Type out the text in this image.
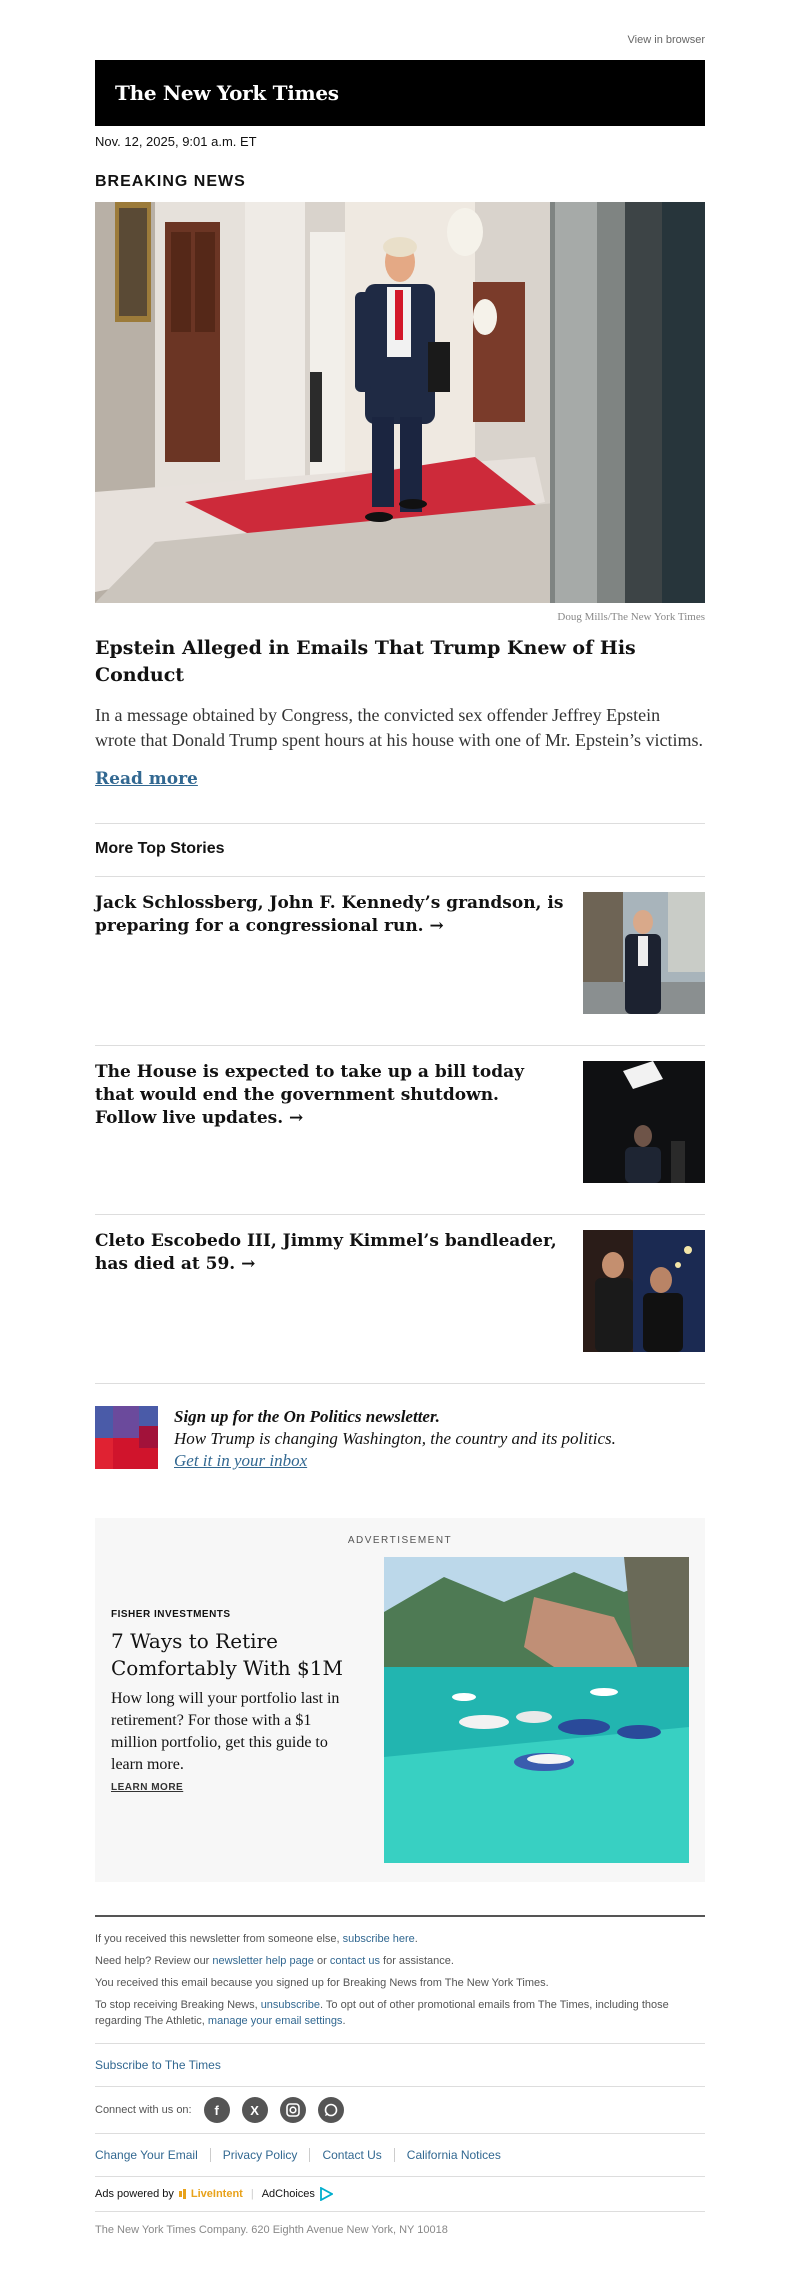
View in browser
The New York Times
Nov. 12, 2025, 9:01 a.m. ET
BREAKING NEWS
Doug Mills/The New York Times
Epstein Alleged in Emails That Trump Knew of His Conduct
In a message obtained by Congress, the convicted sex offender Jeffrey Epstein wrote that Donald Trump spent hours at his house with one of Mr. Epstein’s victims.
Read more
More Top Stories
Jack Schlossberg, John F. Kennedy’s grandson, is preparing for a congressional run. →
The House is expected to take up a bill today that would end the government shutdown. Follow live updates. →
Cleto Escobedo III, Jimmy Kimmel’s bandleader, has died at 59. →
Sign up for the On Politics newsletter.
How Trump is changing Washington, the country and its politics.
Get it in your inbox
ADVERTISEMENT
FISHER INVESTMENTS
7 Ways to Retire Comfortably With $1M
How long will your portfolio last in retirement? For those with a $1 million portfolio, get this guide to learn more.
LEARN MORE

If you received this newsletter from someone else, subscribe here.

Need help? Review our newsletter help page or contact us for assistance.

You received this email because you signed up for Breaking News from The New York Times.

To stop receiving Breaking News, unsubscribe. To opt out of other promotional emails from The Times, including those regarding The Athletic, manage your email settings.

Subscribe to The Times
Connect with us on:	f	X
Change Your Email	Privacy Policy	Contact Us	California Notices
Ads powered by LiveIntent | AdChoices
The New York Times Company. 620 Eighth Avenue New York, NY 10018
